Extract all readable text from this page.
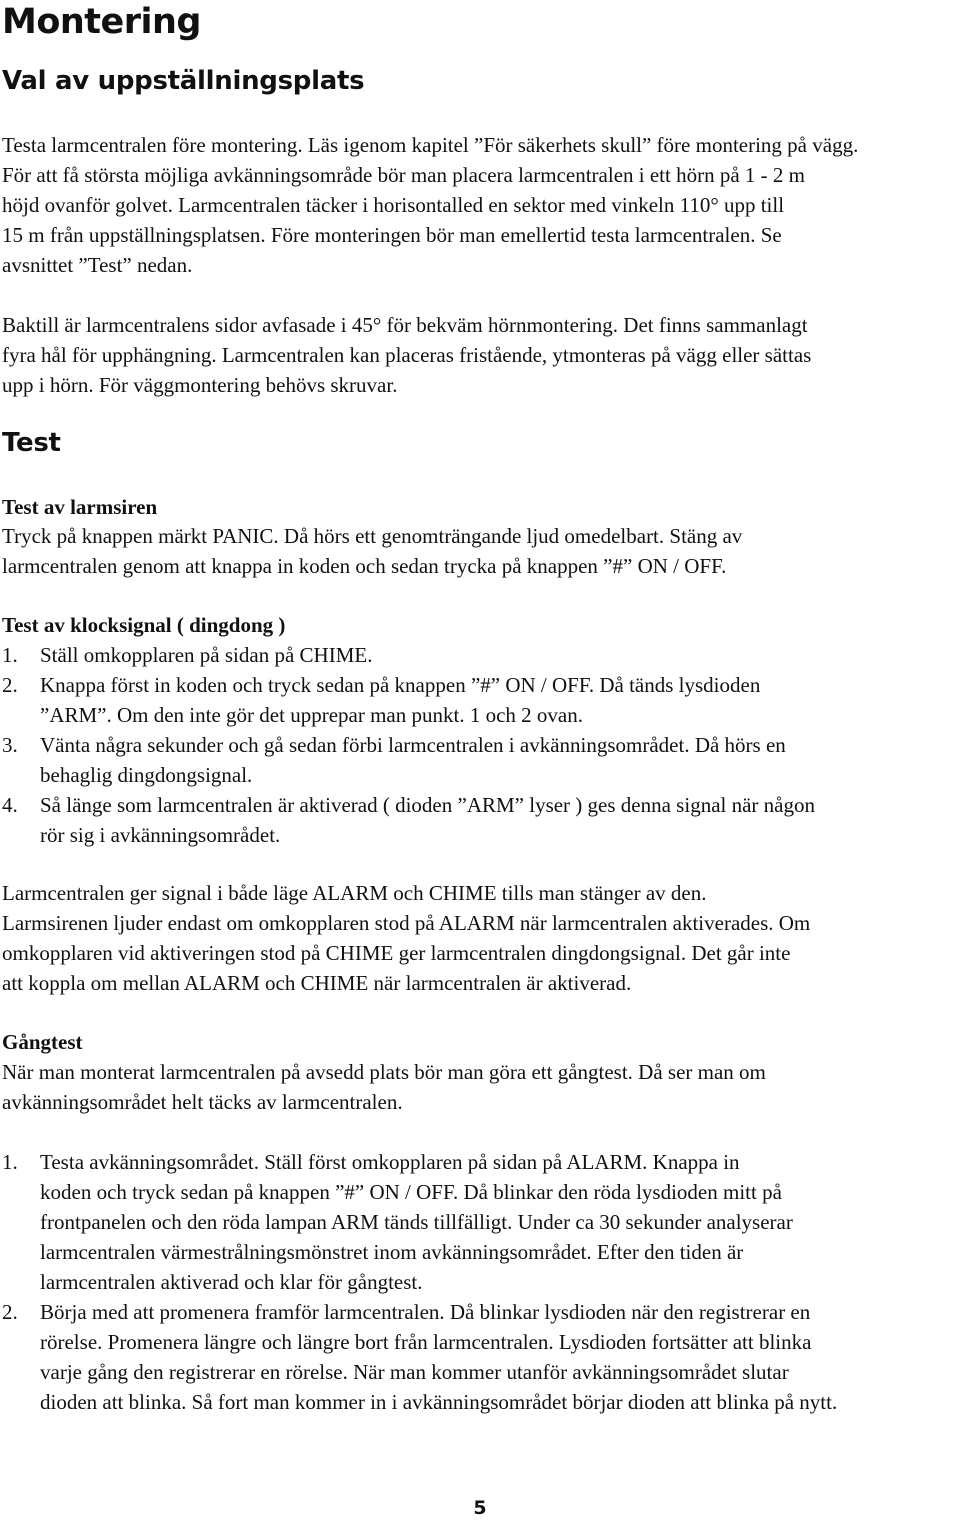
Montering
Val av uppställningsplats

Testa larmcentralen före montering. Läs igenom kapitel ”För säkerhets skull” före montering på vägg.
För att få största möjliga avkänningsområde bör man placera larmcentralen i ett hörn på 1 - 2 m
höjd ovanför golvet. Larmcentralen täcker i horisontalled en sektor med vinkeln 110° upp till
15 m från uppställningsplatsen. Före monteringen bör man emellertid testa larmcentralen. Se
avsnittet ”Test” nedan.

Baktill är larmcentralens sidor avfasade i 45° för bekväm hörnmontering. Det finns sammanlagt
fyra hål för upphängning. Larmcentralen kan placeras fristående, ytmonteras på vägg eller sättas
upp i hörn. För väggmontering behövs skruvar.

Test
Test av larmsiren

Tryck på knappen märkt PANIC. Då hörs ett genomträngande ljud omedelbart. Stäng av
larmcentralen genom att knappa in koden och sedan trycka på knappen ”#” ON / OFF.

Test av klocksignal ( dingdong )
1. Ställ omkopplaren på sidan på CHIME.
2. Knappa först in koden och tryck sedan på knappen ”#” ON / OFF. Då tänds lysdioden
”ARM”. Om den inte gör det upprepar man punkt. 1 och 2 ovan.
3. Vänta några sekunder och gå sedan förbi larmcentralen i avkänningsområdet. Då hörs en
behaglig dingdongsignal.
4. Så länge som larmcentralen är aktiverad ( dioden ”ARM” lyser ) ges denna signal när någon
rör sig i avkänningsområdet.

Larmcentralen ger signal i både läge ALARM och CHIME tills man stänger av den.
Larmsirenen ljuder endast om omkopplaren stod på ALARM när larmcentralen aktiverades. Om
omkopplaren vid aktiveringen stod på CHIME ger larmcentralen dingdongsignal. Det går inte
att koppla om mellan ALARM och CHIME när larmcentralen är aktiverad.

Gångtest

När man monterat larmcentralen på avsedd plats bör man göra ett gångtest. Då ser man om
avkänningsområdet helt täcks av larmcentralen.

1. Testa avkänningsområdet. Ställ först omkopplaren på sidan på ALARM. Knappa in
koden och tryck sedan på knappen ”#” ON / OFF. Då blinkar den röda lysdioden mitt på
frontpanelen och den röda lampan ARM tänds tillfälligt. Under ca 30 sekunder analyserar
larmcentralen värmestrålningsmönstret inom avkänningsområdet. Efter den tiden är
larmcentralen aktiverad och klar för gångtest.
2. Börja med att promenera framför larmcentralen. Då blinkar lysdioden när den registrerar en
rörelse. Promenera längre och längre bort från larmcentralen. Lysdioden fortsätter att blinka
varje gång den registrerar en rörelse. När man kommer utanför avkänningsområdet slutar
dioden att blinka. Så fort man kommer in i avkänningsområdet börjar dioden att blinka på nytt.
5
